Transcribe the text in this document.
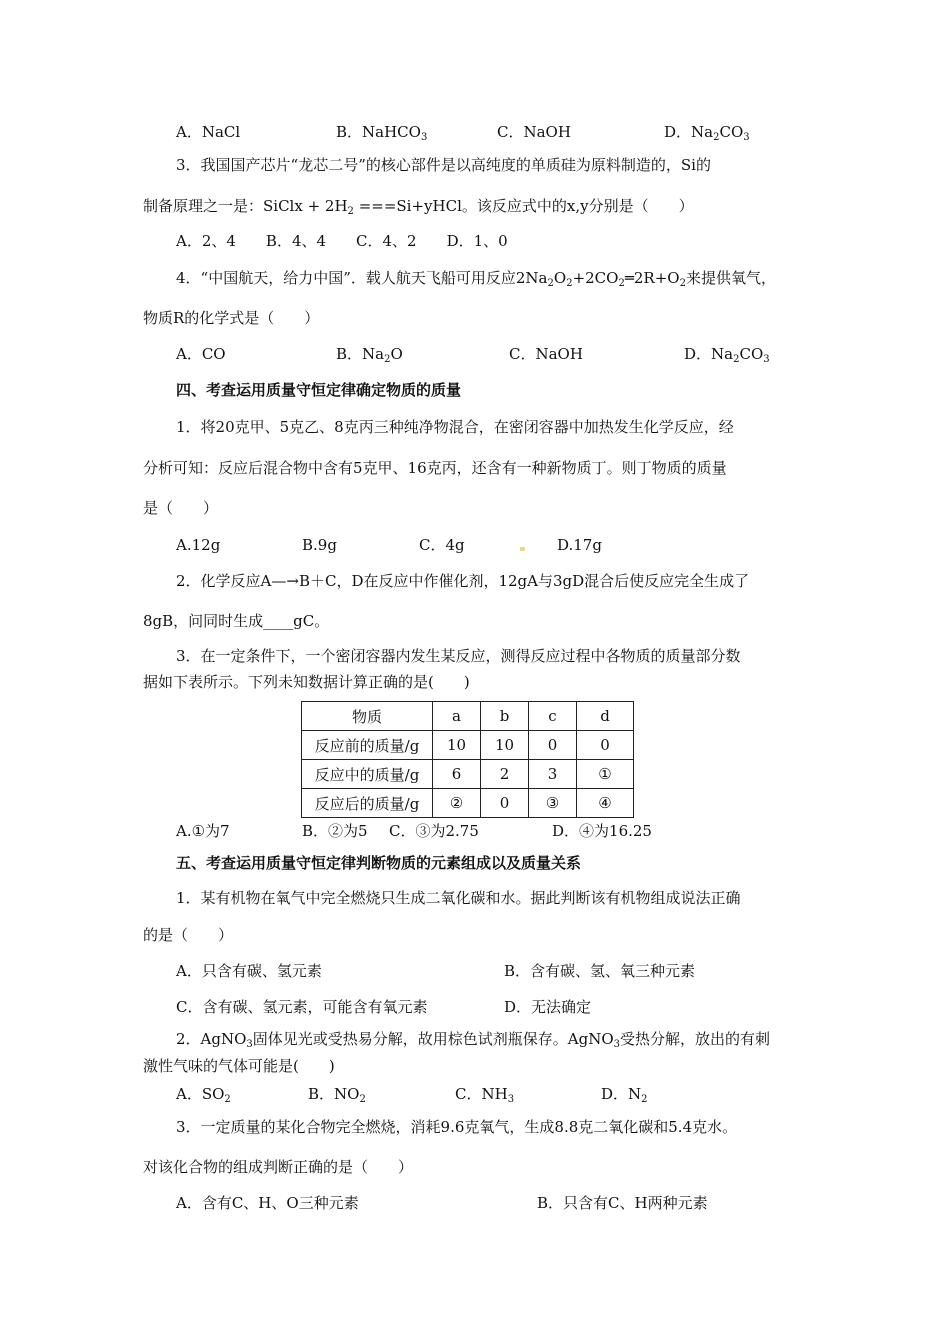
A．NaCl	B．NaHCO$_3$	C．NaOH	D．$Na_2CO_3$
3．我国国产芯片“龙芯二号”的核心部件是以高纯度的单质硅为原料制造的，Si的
制备原理之一是：SiClx + $2H_2$ ===Si+yHCl。该反应式中的x,y分别是（　　）
A．2、4　　B．4、4　　C．4、2　　D．1、0
4．“中国航天，给力中国”．载人航天飞船可用反应$2Na_2O_2+2CO_2═2R+O_2$来提供氧气，
物质R的化学式是（　　）
A．CO	B．$Na_2O$	C．NaOH	D．$Na_2CO_3$
四、考查运用质量守恒定律确定物质的质量
1．将20克甲、5克乙、8克丙三种纯净物混合，在密闭容器中加热发生化学反应，经
分析可知：反应后混合物中含有5克甲、16克丙，还含有一种新物质丁。则丁物质的质量
是（　　）
A.12g	B.9g	C．4g	D.17g
2．化学反应A—→B＋C，D在反应中作催化剂，12gA与3gD混合后使反应完全生成了
8gB，问同时生成____gC。
3．在一定条件下，一个密闭容器内发生某反应，测得反应过程中各物质的质量部分数
据如下表所示。下列未知数据计算正确的是(　　)
物质	a	b	c	d
反应前的质量/g	10	10	0	0
反应中的质量/g	6	2	3	①
反应后的质量/g	②	0	③	④
A.①为7	B．②为5 C．③为2.75	D．④为16.25
五、考查运用质量守恒定律判断物质的元素组成以及质量关系
1．某有机物在氧气中完全燃烧只生成二氧化碳和水。据此判断该有机物组成说法正确
的是（　　）
A．只含有碳、氢元素	B．含有碳、氢、氧三种元素
C．含有碳、氢元素，可能含有氧元素	D．无法确定
2．AgNO$_3$固体见光或受热易分解，故用棕色试剂瓶保存。AgNO$_3$受热分解，放出的有刺
激性气味的气体可能是(　　)
A．$SO_2$	B．$NO_2$	C．$NH_3$	D．$N_2$
3．一定质量的某化合物完全燃烧，消耗9.6克氧气，生成8.8克二氧化碳和5.4克水。
对该化合物的组成判断正确的是（　　）
A．含有C、H、O三种元素	B．只含有C、H两种元素
